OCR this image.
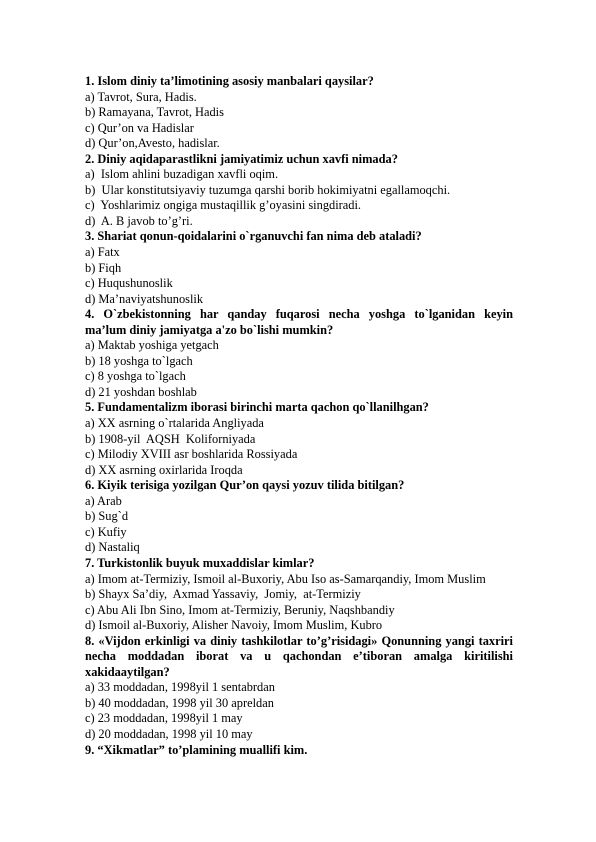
1. Islom diniy ta’limotining asosiy manbalari qaysilar?
a) Tavrot, Sura, Hadis.
b) Ramayana, Tavrot, Hadis
c) Qur’on va Hadislar
d) Qur’on,Avesto, hadislar.
2. Diniy aqidaparastlikni jamiyatimiz uchun xavfi nimada?
a)  Islom ahlini buzadigan xavfli oqim.
b)  Ular konstitutsiyaviy tuzumga qarshi borib hokimiyatni egallamoqchi.
c)  Yoshlarimiz ongiga mustaqillik g’oyasini singdiradi.
d)  A. B javob to’g’ri.
3. Shariat qonun-qoidalarini o`rganuvchi fan nima deb ataladi?
a) Fatx
b) Fiqh
c) Huqushunoslik
d) Ma’naviyatshunoslik
4. O`zbekistonning har qanday fuqarosi necha yoshga to`lganidan keyin
ma’lum diniy jamiyatga a'zo bo`lishi mumkin?
a) Maktab yoshiga yetgach
b) 18 yoshga to`lgach
c) 8 yoshga to`lgach
d) 21 yoshdan boshlab
5. Fundamentalizm iborasi birinchi marta qachon qo`llanilhgan?
a) XX asrning o`rtalarida Angliyada
b) 1908-yil  AQSH  Koliforniyada
c) Milodiy XVIII asr boshlarida Rossiyada
d) XX asrning oxirlarida Iroqda
6. Kiyik terisiga yozilgan Qur’on qaysi yozuv tilida bitilgan?
a) Arab
b) Sug`d
c) Kufiy
d) Nastaliq
7. Turkistonlik buyuk muxaddislar kimlar?
a) Imom at-Termiziy, Ismoil al-Buxoriy, Abu Iso as-Samarqandiy, Imom Muslim
b) Shayx Sa’diy,  Axmad Yassaviy,  Jomiy,  at-Termiziy
c) Abu Ali Ibn Sino, Imom at-Termiziy, Beruniy, Naqshbandiy
d) Ismoil al-Buxoriy, Alisher Navoiy, Imom Muslim, Kubro
8. «Vijdon erkinligi va diniy tashkilotlar to’g’risidagi» Qonunning yangi taxriri
necha moddadan iborat va u qachondan e’tiboran amalga kiritilishi
xakidaaytilgan?
a) 33 moddadan, 1998yil 1 sentabrdan
b) 40 moddadan, 1998 yil 30 apreldan
c) 23 moddadan, 1998yil 1 may
d) 20 moddadan, 1998 yil 10 may
9. “Xikmatlar” to’plamining muallifi kim.
